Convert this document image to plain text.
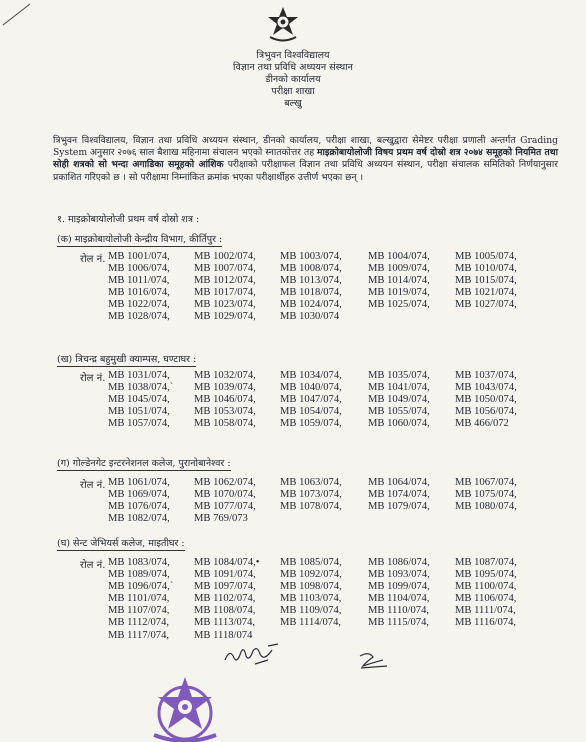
त्रिभुवन विश्वविद्यालय
विज्ञान तथा प्रविधि अध्ययन संस्थान
डीनको कार्यालय
परीक्षा शाखा
बल्खु
त्रिभुवन विश्वविद्यालय, विज्ञान तथा प्रविधि अध्ययन संस्थान, डीनको कार्यालय, परीक्षा शाखा, बल्खुद्वारा सेमेष्टर परीक्षा प्रणाली अन्तर्गत Grading System अनुसार २०७६ साल बैशाख महिनामा संचालन भएको स्नातकोत्तर तह माइक्रोबायोलोजी विषय प्रथम वर्ष दोस्रो शत्र २०७४ समूहको नियमित तथा सोही शत्रको सो भन्दा अगाडिका समूहको आंशिक परीक्षाको परीक्षाफल विज्ञान तथा प्रविधि अध्ययन संस्थान, परीक्षा संचालक समितिको निर्णयानुसार प्रकाशित गरिएको छ । सो परीक्षामा निम्नांकित क्रमांक भएका परीक्षार्थीहरु उत्तीर्ण भएका छन् ।
१. माइक्रोबायोलोजी प्रथम वर्ष दोस्रो शत्र :
(क) माइक्रोबायोलोजी केन्द्रीय विभाग, कीर्तिपुर :
रोल नं. MB 1001/074,	MB 1002/074,	MB 1003/074,	MB 1004/074,	MB 1005/074,
MB 1006/074,	MB 1007/074,	MB 1008/074,	MB 1009/074,	MB 1010/074,
MB 1011/074,	MB 1012/074,	MB 1013/074,	MB 1014/074,	MB 1015/074,
MB 1016/074,	MB 1017/074,	MB 1018/074,	MB 1019/074,	MB 1021/074,
MB 1022/074,	MB 1023/074,	MB 1024/074,	MB 1025/074,	MB 1027/074,
MB 1028/074,	MB 1029/074,	MB 1030/074
(ख) त्रिचन्द्र बहुमुखी क्याम्पस, घण्टाघर :
रोल नं. MB 1031/074,	MB 1032/074,	MB 1034/074,	MB 1035/074,	MB 1037/074,
MB 1038/074,`	MB 1039/074,	MB 1040/074,	MB 1041/074,	MB 1043/074,
MB 1045/074,	MB 1046/074,	MB 1047/074,	MB 1049/074,	MB 1050/074,
MB 1051/074,	MB 1053/074,	MB 1054/074,	MB 1055/074,	MB 1056/074,
MB 1057/074,	MB 1058/074,	MB 1059/074,	MB 1060/074,	MB 466/072
(ग) गोल्डेनगेट इन्टरनेशनल कलेज, पुरानोबानेश्वर :
रोल नं. MB 1061/074,	MB 1062/074,	MB 1063/074,	MB 1064/074,	MB 1067/074,
MB 1069/074,	MB 1070/074,	MB 1073/074,	MB 1074/074,	MB 1075/074,
MB 1076/074,	MB 1077/074,	MB 1078/074,	MB 1079/074,	MB 1080/074,
MB 1082/074,	MB 769/073
(घ) सेन्ट जेभियर्स कलेज, माइतीघर :
रोल नं. MB 1083/074,	MB 1084/074,•	MB 1085/074,	MB 1086/074,	MB 1087/074,
MB 1089/074,	MB 1091/074,	MB 1092/074,	MB 1093/074,	MB 1095/074,
MB 1096/074,`	MB 1097/074,	MB 1098/074,	MB 1099/074,	MB 1100/074,
MB 1101/074,	MB 1102/074,	MB 1103/074,	MB 1104/074,	MB 1106/074,
MB 1107/074,	MB 1108/074,	MB 1109/074,	MB 1110/074,	MB 1111/074,
MB 1112/074,	MB 1113/074,	MB 1114/074,	MB 1115/074,	MB 1116/074,
MB 1117/074,	MB 1118/074
